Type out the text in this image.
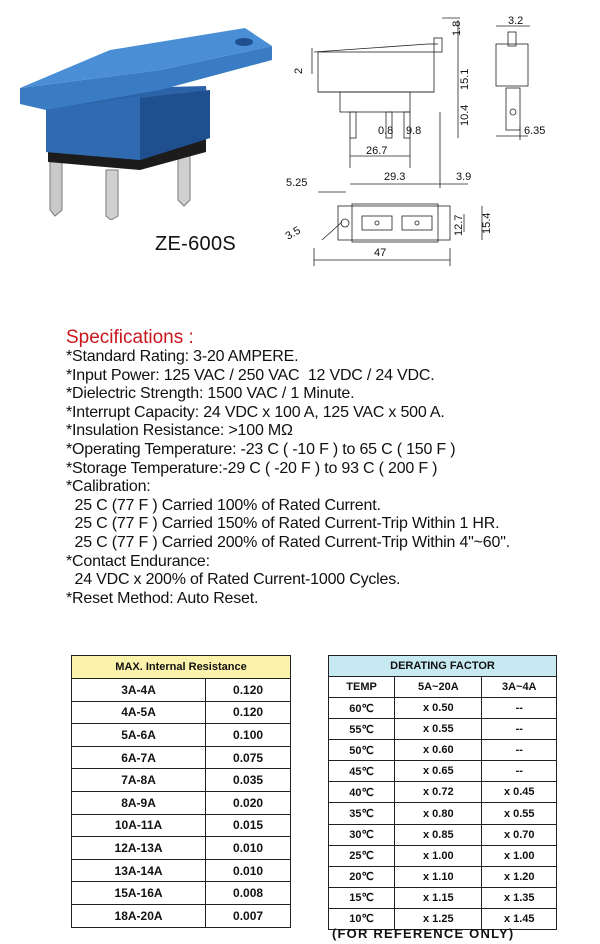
ZE-600S
1.8	3.2
2	15.1
10.4
0.8 9.8
26.7
29.3	3.9
6.35
5.25
3.5	12.7 15.4
47
Specifications :
*Standard Rating: 3-20 AMPERE.
*Input Power: 125 VAC / 250 VAC  12 VDC / 24 VDC.
*Dielectric Strength: 1500 VAC / 1 Minute.
*Interrupt Capacity: 24 VDC x 100 A, 125 VAC x 500 A.
*Insulation Resistance: >100 MΩ
*Operating Temperature: -23 C ( -10 F ) to 65 C ( 150 F )
*Storage Temperature:-29 C ( -20 F ) to 93 C ( 200 F )
*Calibration:
25 C (77 F ) Carried 100% of Rated Current.
25 C (77 F ) Carried 150% of Rated Current-Trip Within 1 HR.
25 C (77 F ) Carried 200% of Rated Current-Trip Within 4"~60".
*Contact Endurance:
24 VDC x 200% of Rated Current-1000 Cycles.
*Reset Method: Auto Reset.
MAX. Internal Resistance	
3A-4A	0.120
4A-5A	0.120
5A-6A	0.100
6A-7A	0.075
7A-8A	0.035
8A-9A	0.020
10A-11A	0.015
12A-13A	0.010
13A-14A	0.010
15A-16A	0.008
18A-20A	0.007
DERATING FACTOR		
TEMP	5A~20A	3A~4A
60℃	x 0.50	--
55℃	x 0.55	--
50℃	x 0.60	--
45℃	x 0.65	--
40℃	x 0.72	x 0.45
35℃	x 0.80	x 0.55
30℃	x 0.85	x 0.70
25℃	x 1.00	x 1.00
20℃	x 1.10	x 1.20
15℃	x 1.15	x 1.35
10℃	x 1.25	x 1.45
(FOR REFERENCE ONLY)
